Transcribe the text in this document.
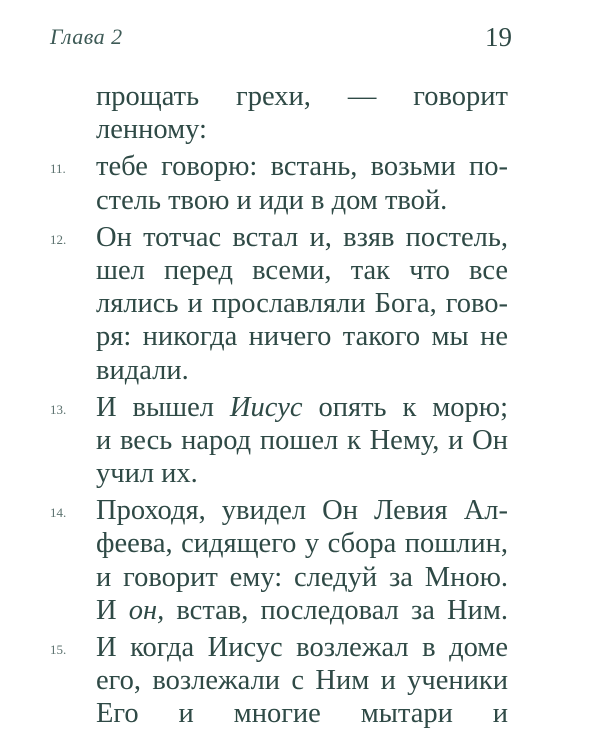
Глава 2	19
прощать грехи, — говорит
ленному:
11. тебе говорю: встань, возьми по-
стель твою и иди в дом твой.
12. Он тотчас встал и, взяв постель,
шел перед всеми, так что все
лялись и прославляли Бога, гово-
ря: никогда ничего такого мы не
видали.
13. И вышел Иисус опять к морю;
и весь народ пошел к Нему, и Он
учил их.
14. Проходя, увидел Он Левия Ал-
феева, сидящего у сбора пошлин,
и говорит ему: следуй за Мною.
И он, встав, последовал за Ним.
15. И когда Иисус возлежал в доме
его, возлежали с Ним и ученики
Его и многие мытари и
